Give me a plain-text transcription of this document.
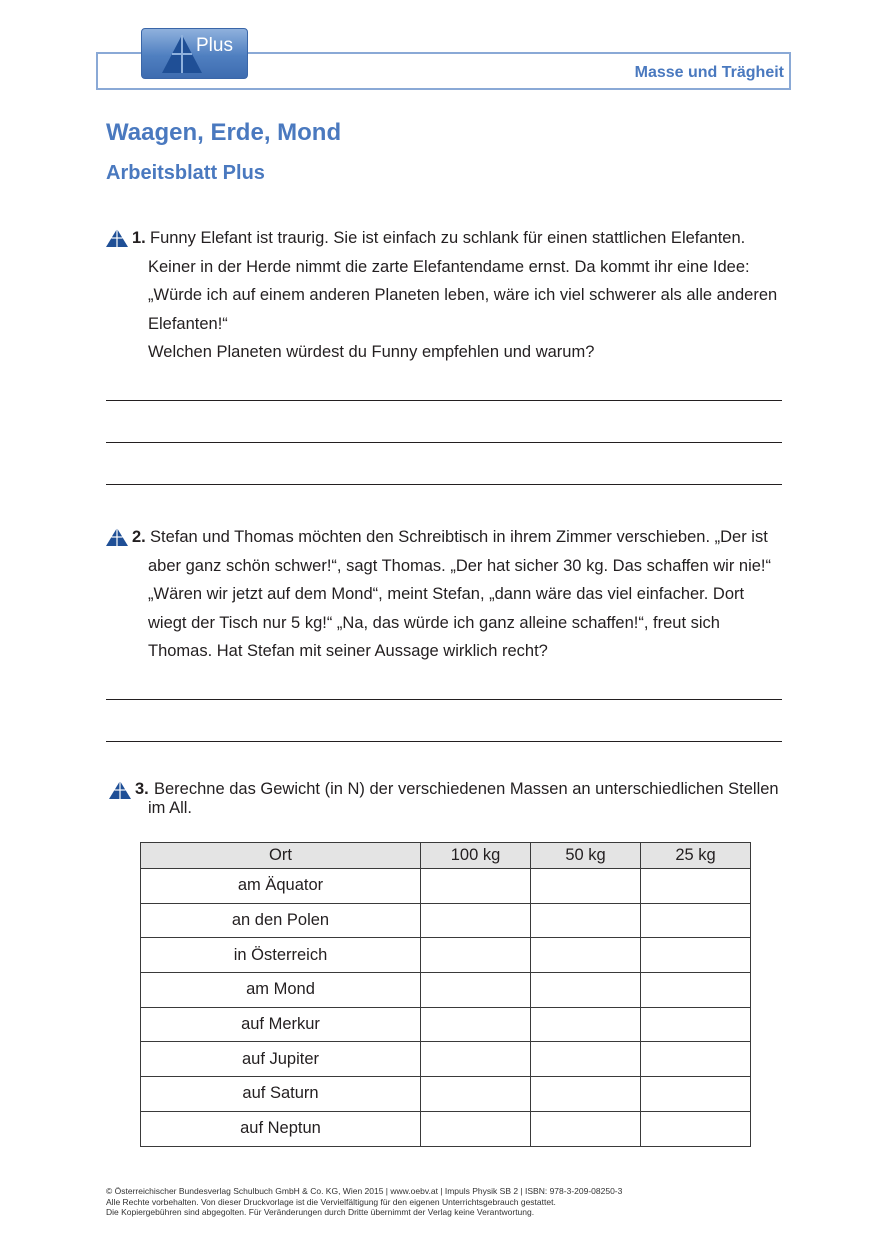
Plus
Masse und Trägheit
Waagen, Erde, Mond
Arbeitsblatt Plus
1. Funny Elefant ist traurig. Sie ist einfach zu schlank für einen stattlichen Elefanten.
Keiner in der Herde nimmt die zarte Elefantendame ernst. Da kommt ihr eine Idee:
„Würde ich auf einem anderen Planeten leben, wäre ich viel schwerer als alle anderen
Elefanten!“
Welchen Planeten würdest du Funny empfehlen und warum?
2. Stefan und Thomas möchten den Schreibtisch in ihrem Zimmer verschieben. „Der ist
aber ganz schön schwer!“, sagt Thomas. „Der hat sicher 30 kg. Das schaffen wir nie!“
„Wären wir jetzt auf dem Mond“, meint Stefan, „dann wäre das viel einfacher. Dort
wiegt der Tisch nur 5 kg!“ „Na, das würde ich ganz alleine schaffen!“, freut sich
Thomas. Hat Stefan mit seiner Aussage wirklich recht?
3. Berechne das Gewicht (in N) der verschiedenen Massen an unterschiedlichen Stellen
im All.
Ort	100 kg	50 kg	25 kg
am Äquator			
an den Polen			
in Österreich			
am Mond			
auf Merkur			
auf Jupiter			
auf Saturn			
auf Neptun			
© Österreichischer Bundesverlag Schulbuch GmbH & Co. KG, Wien 2015 | www.oebv.at | Impuls Physik SB 2 | ISBN: 978-3-209-08250-3
Alle Rechte vorbehalten. Von dieser Druckvorlage ist die Vervielfältigung für den eigenen Unterrichtsgebrauch gestattet.
Die Kopiergebühren sind abgegolten. Für Veränderungen durch Dritte übernimmt der Verlag keine Verantwortung.
